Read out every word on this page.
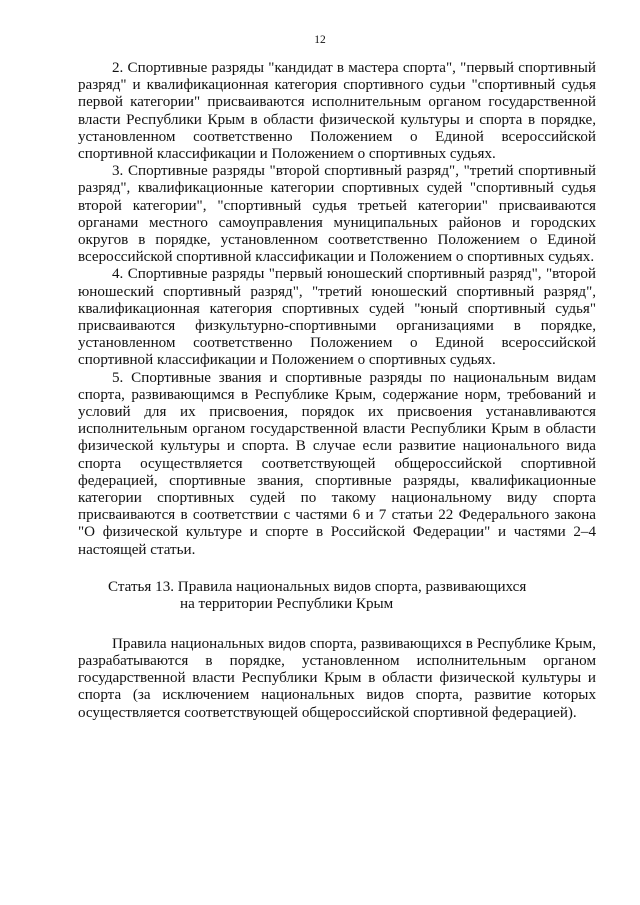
12

2. Спортивные разряды "кандидат в мастера спорта", "первый спортивный разряд" и квалификационная категория спортивного судьи "спортивный судья первой категории" присваиваются исполнительным органом государственной власти Республики Крым в области физической культуры и спорта в порядке, установленном соответственно Положением о Единой всероссийской спортивной классификации и Положением о спортивных судьях.

3. Спортивные разряды "второй спортивный разряд", "третий спортивный разряд", квалификационные категории спортивных судей "спортивный судья второй категории", "спортивный судья третьей категории" присваиваются органами местного самоуправления муниципальных районов и городских округов в порядке, установленном соответственно Положением о Единой всероссийской спортивной классификации и Положением о спортивных судьях.

4. Спортивные разряды "первый юношеский спортивный разряд", "второй юношеский спортивный разряд", "третий юношеский спортивный разряд", квалификационная категория спортивных судей "юный спортивный судья" присваиваются физкультурно-спортивными организациями в порядке, установленном соответственно Положением о Единой всероссийской спортивной классификации и Положением о спортивных судьях.

5. Спортивные звания и спортивные разряды по национальным видам спорта, развивающимся в Республике Крым, содержание норм, требований и условий для их присвоения, порядок их присвоения устанавливаются исполнительным органом государственной власти Республики Крым в области физической культуры и спорта. В случае если развитие национального вида спорта осуществляется соответствующей общероссийской спортивной федерацией, спортивные звания, спортивные разряды, квалификационные категории спортивных судей по такому национальному виду спорта присваиваются в соответствии с частями 6 и 7 статьи 22 Федерального закона "О физической культуре и спорте в Российской Федерации" и частями 2–4 настоящей статьи.

Статья 13. Правила национальных видов спорта, развивающихся
на территории Республики Крым

Правила национальных видов спорта, развивающихся в Республике Крым, разрабатываются в порядке, установленном исполнительным органом государственной власти Республики Крым в области физической культуры и спорта (за исключением национальных видов спорта, развитие которых осуществляется соответствующей общероссийской спортивной федерацией).
